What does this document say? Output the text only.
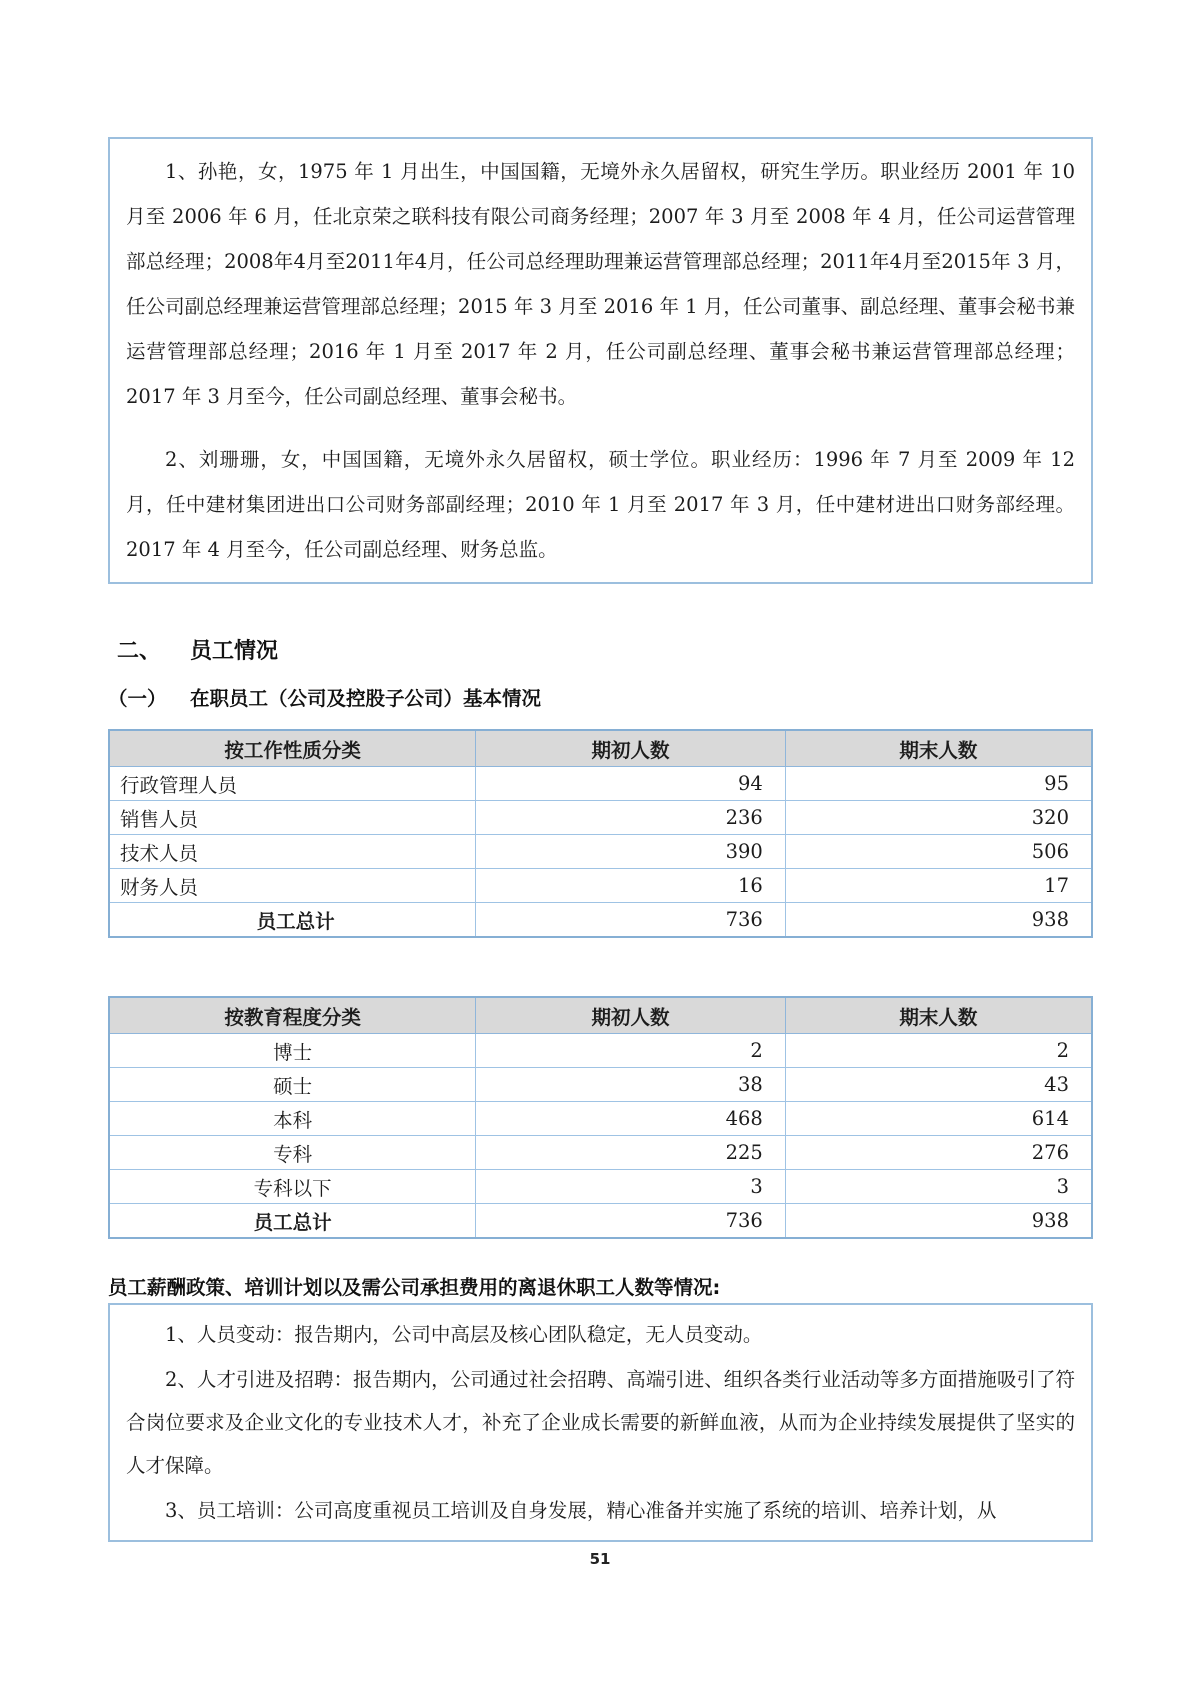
1、孙艳，女，1975 年 1 月出生，中国国籍，无境外永久居留权，研究生学历。职业经历 2001 年 10 月至 2006 年 6 月，任北京荣之联科技有限公司商务经理；2007 年 3 月至 2008 年 4 月，任公司运营管理部总经理；2008年4月至2011年4月，任公司总经理助理兼运营管理部总经理；2011年4月至2015年 3 月，任公司副总经理兼运营管理部总经理；2015 年 3 月至 2016 年 1 月，任公司董事、副总经理、董事会秘书兼运营管理部总经理；2016 年 1 月至 2017 年 2 月，任公司副总经理、董事会秘书兼运营管理部总经理；2017 年 3 月至今，任公司副总经理、董事会秘书。

2、刘珊珊，女，中国国籍，无境外永久居留权，硕士学位。职业经历：1996 年 7 月至 2009 年 12 月，任中建材集团进出口公司财务部副经理；2010 年 1 月至 2017 年 3 月，任中建材进出口财务部经理。2017 年 4 月至今，任公司副总经理、财务总监。

二、	员工情况
（一）	在职员工（公司及控股子公司）基本情况
按工作性质分类	期初人数	期末人数
行政管理人员	94	95
销售人员	236	320
技术人员	390	506
财务人员	16	17
员工总计	736	938
按教育程度分类	期初人数	期末人数
博士	2	2
硕士	38	43
本科	468	614
专科	225	276
专科以下	3	3
员工总计	736	938
员工薪酬政策、培训计划以及需公司承担费用的离退休职工人数等情况:

1、人员变动：报告期内，公司中高层及核心团队稳定，无人员变动。

2、人才引进及招聘：报告期内，公司通过社会招聘、高端引进、组织各类行业活动等多方面措施吸引了符合岗位要求及企业文化的专业技术人才，补充了企业成长需要的新鲜血液，从而为企业持续发展提供了坚实的人才保障。

3、员工培训：公司高度重视员工培训及自身发展，精心准备并实施了系统的培训、培养计划，从

51
